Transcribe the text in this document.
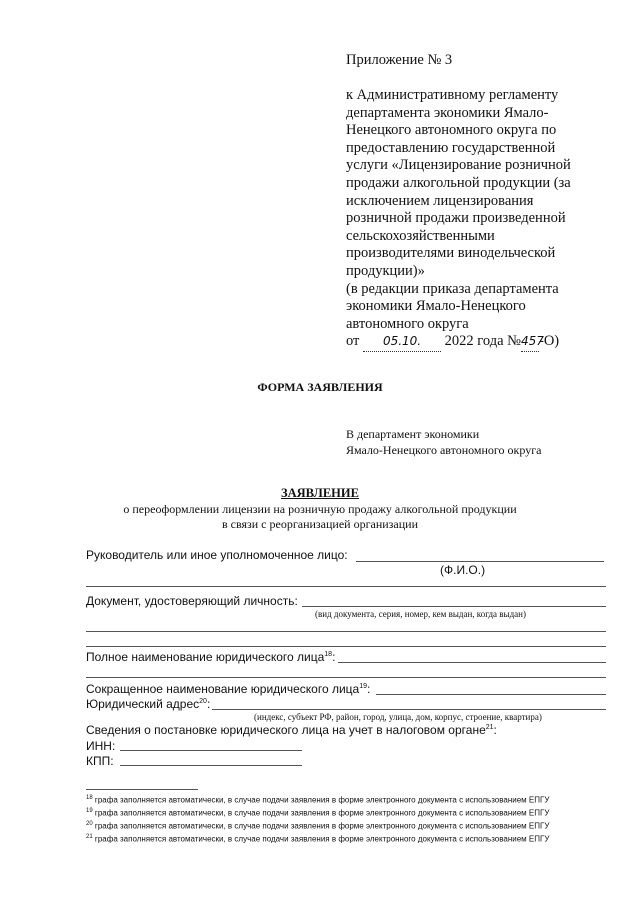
Приложение № 3
к Административному регламенту
департамента экономики Ямало-
Ненецкого автономного округа по
предоставлению государственной
услуги «Лицензирование розничной
продажи алкогольной продукции (за
исключением лицензирования
розничной продажи произведенной
сельскохозяйственными
производителями винодельческой
продукции)»
(в редакции приказа департамента
экономики Ямало-Ненецкого
автономного округа
от 05.10. 2022 года №457-О)
ФОРМА ЗАЯВЛЕНИЯ
В департамент экономики
Ямало-Ненецкого автономного округа
ЗАЯВЛЕНИЕ
о переоформлении лицензии на розничную продажу алкогольной продукции
в связи с реорганизацией организации
Руководитель или иное уполномоченное лицо:
(Ф.И.О.)
Документ, удостоверяющий личность:
(вид документа, серия, номер, кем выдан, когда выдан)
Полное наименование юридического лица$^{18}$:
Сокращенное наименование юридического лица$^{19}$:
Юридический адрес$^{20}$:
(индекс, субъект РФ, район, город, улица, дом, корпус, строение, квартира)
Сведения о постановке юридического лица на учет в налоговом органе$^{21}$:
ИНН:
КПП:
$^{18}$ графа заполняется автоматически, в случае подачи заявления в форме электронного документа с использованием ЕПГУ
$^{19}$ графа заполняется автоматически, в случае подачи заявления в форме электронного документа с использованием ЕПГУ
$^{20}$ графа заполняется автоматически, в случае подачи заявления в форме электронного документа с использованием ЕПГУ
$^{21}$ графа заполняется автоматически, в случае подачи заявления в форме электронного документа с использованием ЕПГУ
